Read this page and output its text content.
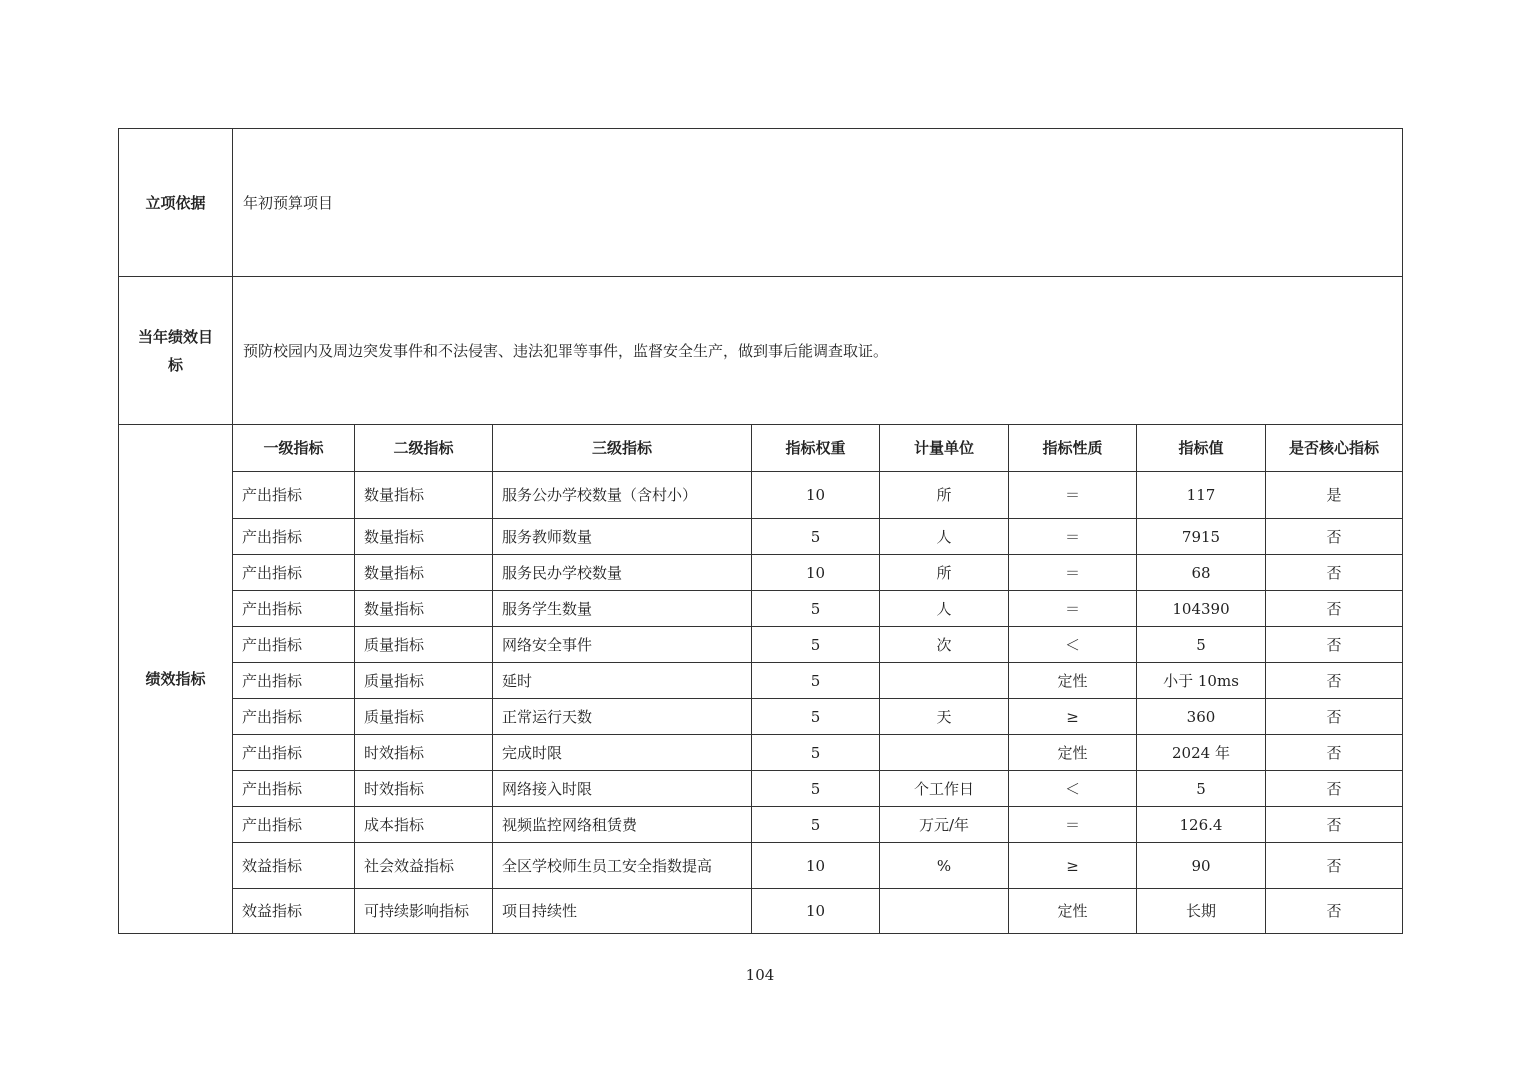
立项依据	年初预算项目							
当年绩效目
标	预防校园内及周边突发事件和不法侵害、违法犯罪等事件，监督安全生产，做到事后能调查取证。							
绩效指标	一级指标	二级指标	三级指标	指标权重	计量单位	指标性质	指标值	是否核心指标
	产出指标	数量指标	服务公办学校数量（含村小）	10	所	＝	117	是
	产出指标	数量指标	服务教师数量	5	人	＝	7915	否
	产出指标	数量指标	服务民办学校数量	10	所	＝	68	否
	产出指标	数量指标	服务学生数量	5	人	＝	104390	否
	产出指标	质量指标	网络安全事件	5	次	＜	5	否
	产出指标	质量指标	延时	5		定性	小于 10ms	否
	产出指标	质量指标	正常运行天数	5	天	≥	360	否
	产出指标	时效指标	完成时限	5		定性	2024 年	否
	产出指标	时效指标	网络接入时限	5	个工作日	＜	5	否
	产出指标	成本指标	视频监控网络租赁费	5	万元/年	＝	126.4	否
	效益指标	社会效益指标	全区学校师生员工安全指数提高	10	%	≥	90	否
	效益指标	可持续影响指标	项目持续性	10		定性	长期	否
104
